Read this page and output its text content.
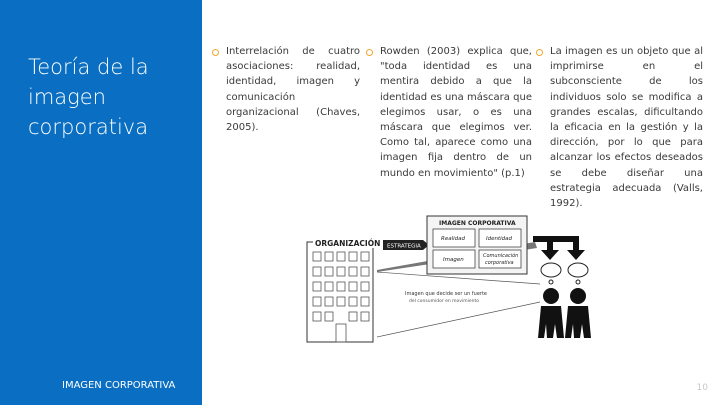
Teoría de la imagen corporativa
IMAGEN CORPORATIVA
Interrelación de cuatro asociaciones: realidad, identidad, imagen y comunicación organizacional (Chaves, 2005).
Rowden (2003) explica que, "toda identidad es una mentira debido a que la identidad es una máscara que elegimos usar, o es una máscara que elegimos ver. Como tal, aparece como una imagen fija dentro de un mundo en movimiento" (p.1)
La imagen es un objeto que al imprimirse en el subconsciente de los individuos solo se modifica a grandes escalas, dificultando la eficacia en la gestión y la dirección, por lo que para alcanzar los efectos deseados se debe diseñar una estrategia adecuada (Valls, 1992).
ORGANIZACIÓN ESTRATEGIA
IMAGEN CORPORATIVA
Realidad	Identidad
Imagen
Comunicación
corporativa
Imagen que decide ser un fuerte
del consumidor en movimiento
10
